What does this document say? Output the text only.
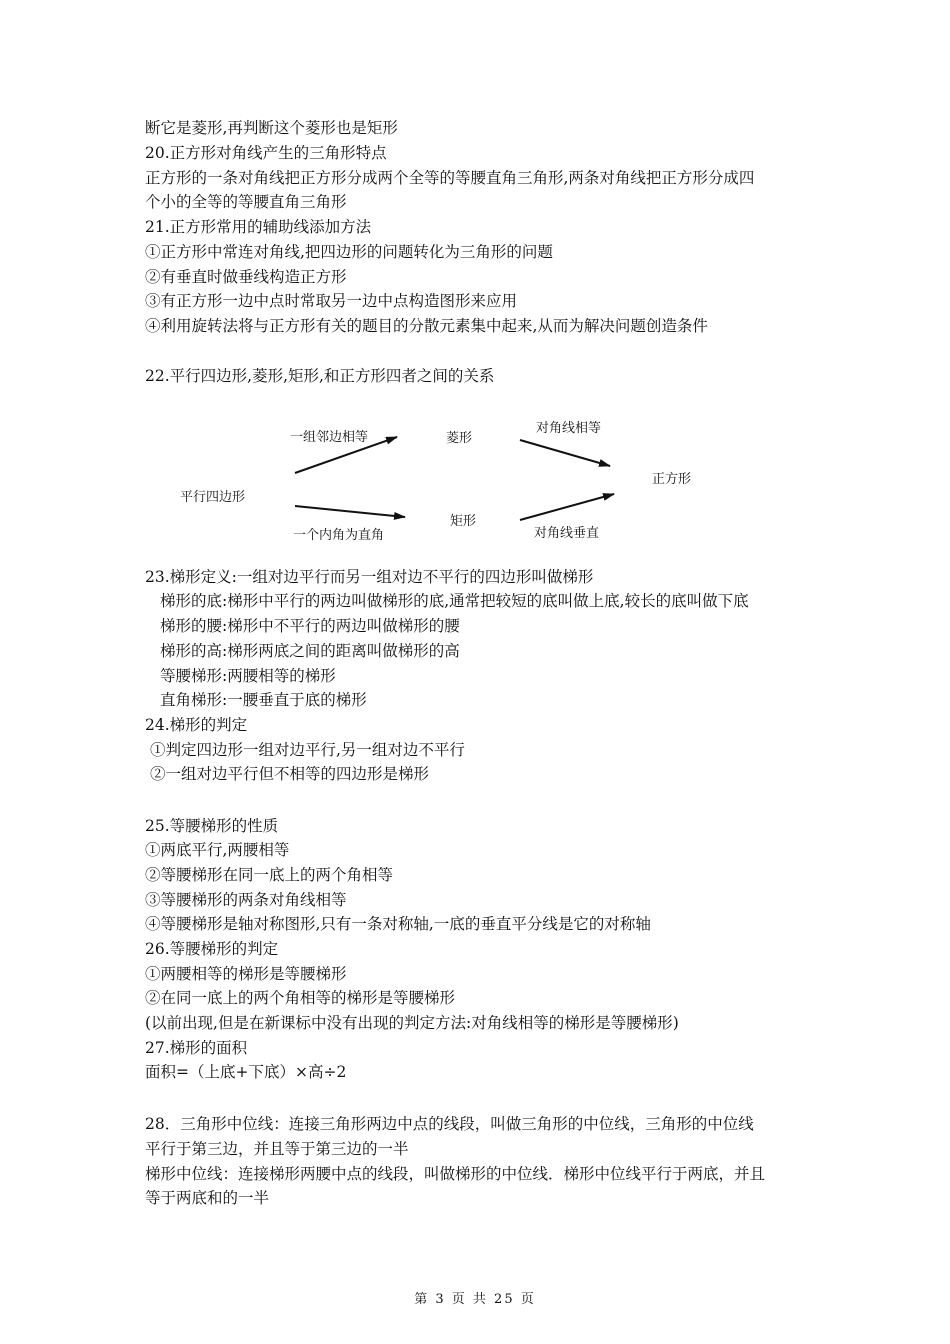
断它是菱形,再判断这个菱形也是矩形
20.正方形对角线产生的三角形特点
正方形的一条对角线把正方形分成两个全等的等腰直角三角形,两条对角线把正方形分成四
个小的全等的等腰直角三角形
21.正方形常用的辅助线添加方法
①正方形中常连对角线,把四边形的问题转化为三角形的问题
②有垂直时做垂线构造正方形
③有正方形一边中点时常取另一边中点构造图形来应用
④利用旋转法将与正方形有关的题目的分散元素集中起来,从而为解决问题创造条件
22.平行四边形,菱形,矩形,和正方形四者之间的关系
平行四边形
菱形
矩形
正方形
一组邻边相等
一个内角为直角
对角线相等
对角线垂直
23.梯形定义:一组对边平行而另一组对边不平行的四边形叫做梯形
梯形的底:梯形中平行的两边叫做梯形的底,通常把较短的底叫做上底,较长的底叫做下底
梯形的腰:梯形中不平行的两边叫做梯形的腰
梯形的高:梯形两底之间的距离叫做梯形的高
等腰梯形:两腰相等的梯形
直角梯形:一腰垂直于底的梯形
24.梯形的判定
①判定四边形一组对边平行,另一组对边不平行
②一组对边平行但不相等的四边形是梯形
25.等腰梯形的性质
①两底平行,两腰相等
②等腰梯形在同一底上的两个角相等
③等腰梯形的两条对角线相等
④等腰梯形是轴对称图形,只有一条对称轴,一底的垂直平分线是它的对称轴
26.等腰梯形的判定
①两腰相等的梯形是等腰梯形
②在同一底上的两个角相等的梯形是等腰梯形
(以前出现,但是在新课标中没有出现的判定方法:对角线相等的梯形是等腰梯形)
27.梯形的面积
面积=（上底+下底）×高÷2
28．三角形中位线：连接三角形两边中点的线段，叫做三角形的中位线，三角形的中位线
平行于第三边，并且等于第三边的一半
梯形中位线：连接梯形两腰中点的线段，叫做梯形的中位线．梯形中位线平行于两底，并且
等于两底和的一半
第 3 页 共 25 页
